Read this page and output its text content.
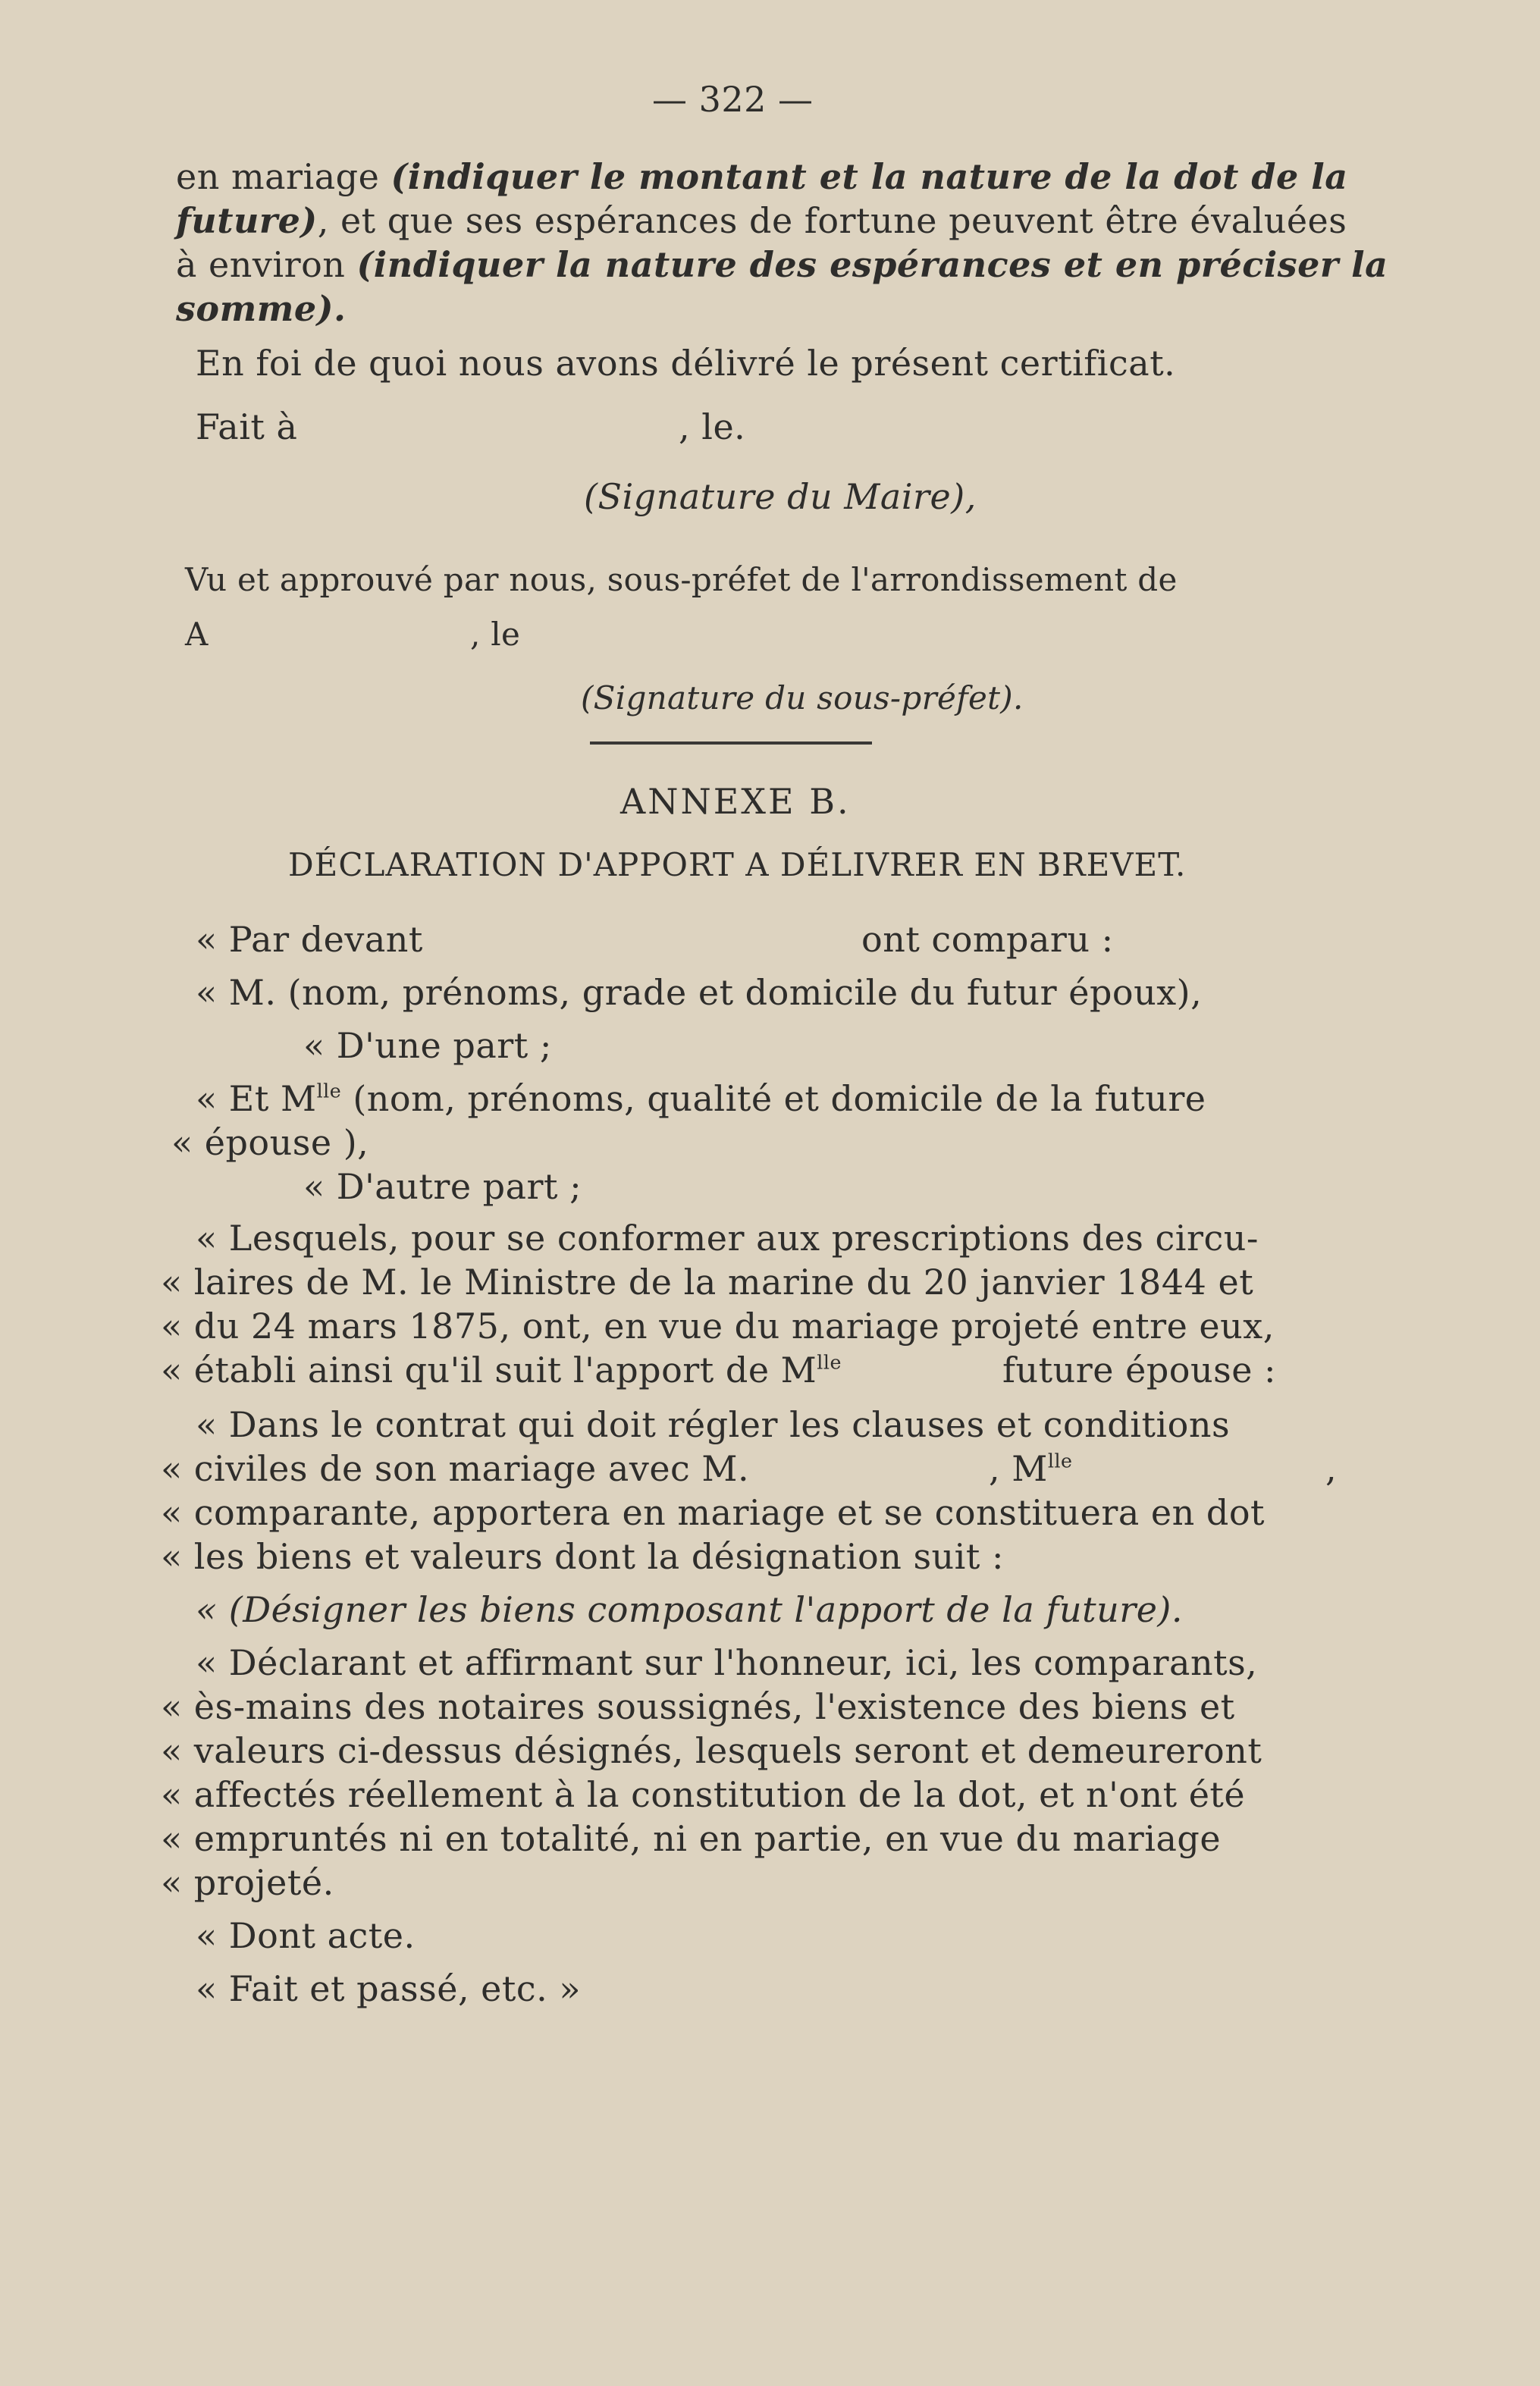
— 322 —
en mariage (indiquer le montant et la nature de la dot de la
future), et que ses espérances de fortune peuvent être évaluées
à environ (indiquer la nature des espérances et en préciser la
somme).
En foi de quoi nous avons délivré le présent certificat.
Fait à	, le.
(Signature du Maire),
Vu et approuvé par nous, sous-préfet de l'arrondissement de
A	, le
(Signature du sous-préfet).
ANNEXE B.
DÉCLARATION D'APPORT A DÉLIVRER EN BREVET.
« Par devant	ont comparu :
« M. (nom, prénoms, grade et domicile du futur époux),
« D'une part ;
« Et $M^{lle}$ (nom, prénoms, qualité et domicile de la future
« épouse ),
« D'autre part ;
« Lesquels, pour se conformer aux prescriptions des circu-
« laires de M. le Ministre de la marine du 20 janvier 1844 et
« du 24 mars 1875, ont, en vue du mariage projeté entre eux,
« établi ainsi qu'il suit l'apport de $M^{lle}$	future épouse :
« Dans le contrat qui doit régler les clauses et conditions
« civiles de son mariage avec M.	, $M^{lle}$	,
« comparante, apportera en mariage et se constituera en dot
« les biens et valeurs dont la désignation suit :
« (Désigner les biens composant l'apport de la future).
« Déclarant et affirmant sur l'honneur, ici, les comparants,
« ès-mains des notaires soussignés, l'existence des biens et
« valeurs ci-dessus désignés, lesquels seront et demeureront
« affectés réellement à la constitution de la dot, et n'ont été
« empruntés ni en totalité, ni en partie, en vue du mariage
« projeté.
« Dont acte.
« Fait et passé, etc. »
